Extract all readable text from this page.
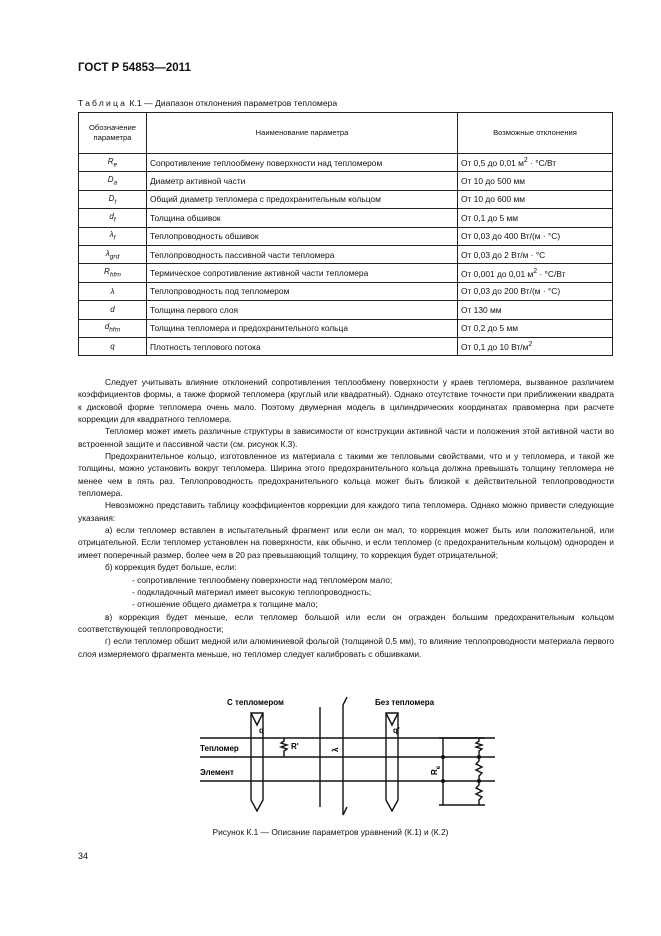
ГОСТ Р 54853—2011
Таблица К.1 — Диапазон отклонения параметров тепломера
Обозначение параметра	Наименование параметра	Возможные отклонения
$R_e$	Сопротивление теплообмену поверхности над тепломером	От 0,5 до 0,01 $м^2 \cdot ^\circ С/Вт$
$D_a$	Диаметр активной части	От 10 до 500 мм
$D_t$	Общий диаметр тепломера с предохранительным кольцом	От 10 до 600 мм
$d_f$	Толщина обшивок	От 0,1 до 5 мм
$\lambda_f$	Теплопроводность обшивок	От 0,03 до 400 Вт/(м · °С)
$\lambda_{grd}$	Теплопроводность пассивной части тепломера	От 0,03 до 2 Вт/м · °С
$R_{hfm}$	Термическое сопротивление активной части тепломера	От 0,001 до 0,01 $м^2 \cdot ^\circ С/Вт$
λ	Теплопроводность под тепломером	От 0,03 до 200 Вт/(м · °С)
d	Толщина первого слоя	От 130 мм
$d_{hfm}$	Толщина тепломера и предохранительного кольца	От 0,2 до 5 мм
q	Плотность теплового потока	От 0,1 до 10 $Вт/м^2$

Следует учитывать влияние отклонений сопротивления теплообмену поверхности у краев тепломера, вызванное различием коэффициентов формы, а также формой тепломера (круглый или квадратный). Однако отсутствие точности при приближении квадрата к дисковой форме тепломера очень мало. Поэтому двумерная модель в цилиндрических координатах правомерна при расчете коррекции для квадратного тепломера.

Тепломер может иметь различные структуры в зависимости от конструкции активной части и положения этой активной части во встроенной защите и пассивной части (см. рисунок К.3).

Предохранительное кольцо, изготовленное из материала с такими же тепловыми свойствами, что и у тепломера, и такой же толщины, можно установить вокруг тепломера. Ширина этого предохранительного кольца должна превышать толщину тепломера не менее чем в пять раз. Теплопроводность предохранительного кольца может быть близкой к действительной теплопроводности тепломера.

Невозможно представить таблицу коэффициентов коррекции для каждого типа тепломера. Однако можно привести следующие указания:

а) если тепломер вставлен в испытательный фрагмент или если он мал, то коррекция может быть или положительной, или отрицательной. Если тепломер установлен на поверхности, как обычно, и если тепломер (с предохранительным кольцом) однороден и имеет поперечный размер, более чем в 20 раз превышающий толщину, то коррекция будет отрицательной;

б) коррекция будет больше, если:

- сопротивление теплообмену поверхности над тепломером мало;

- подкладочный материал имеет высокую теплопроводность;

- отношение общего диаметра к толщине мало;

в) коррекция будет меньше, если тепломер большой или если он огражден большим предохранительным кольцом соответствующей теплопроводности;

г) если тепломер обшит медной или алюминиевой фольгой (толщиной 0,5 мм), то влияние теплопроводности материала первого слоя измеряемого фрагмента меньше, но тепломер следует калибровать с обшивками.

С тепломером	Без тепломера
Тепломер
Элемент
q	q'
R'	λ
$R_e$
Рисунок К.1 — Описание параметров уравнений (К.1) и (К.2)
34
